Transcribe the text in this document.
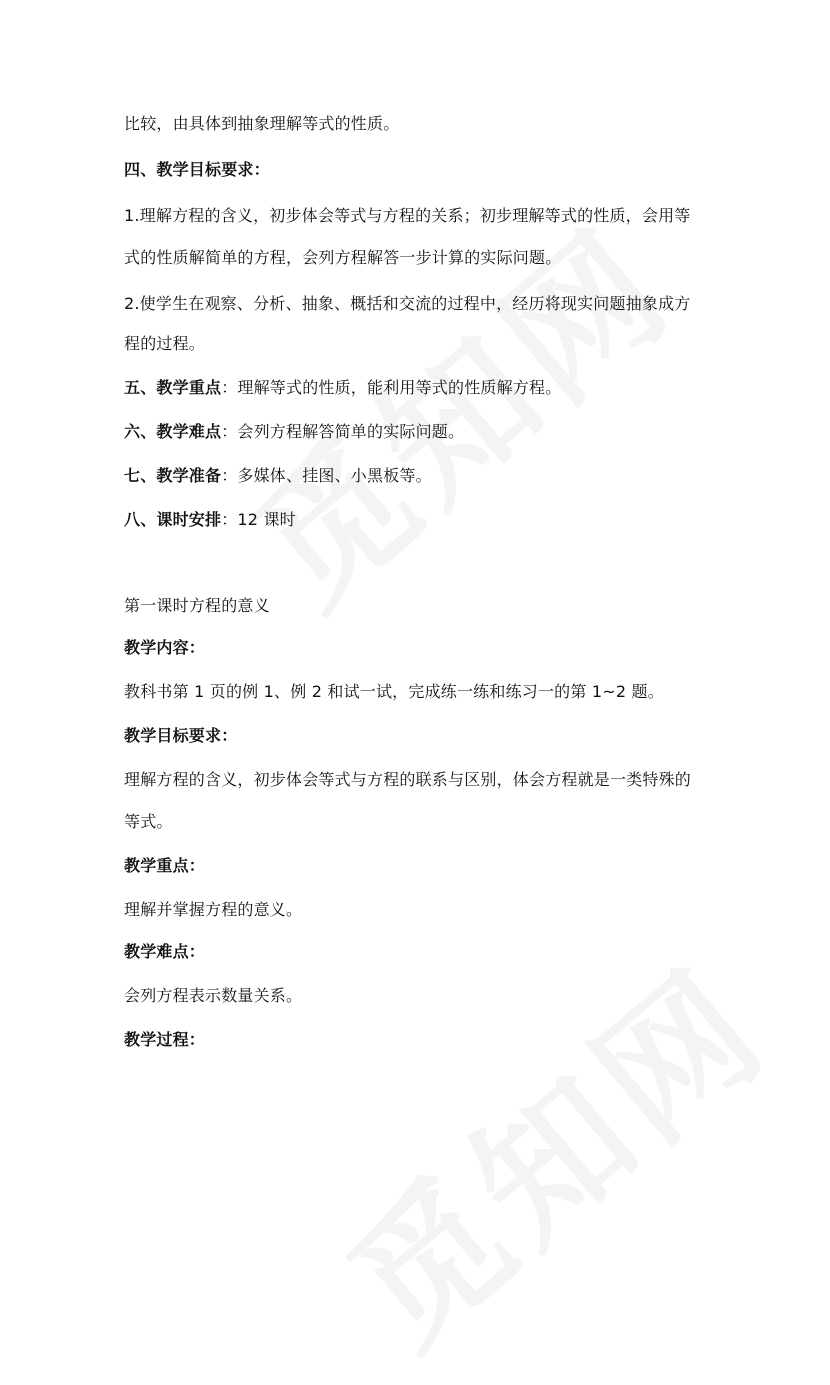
比较，由具体到抽象理解等式的性质。
四、教学目标要求：
1.理解方程的含义，初步体会等式与方程的关系；初步理解等式的性质，会用等
式的性质解简单的方程，会列方程解答一步计算的实际问题。
2.使学生在观察、分析、抽象、概括和交流的过程中，经历将现实问题抽象成方
程的过程。
五、教学重点：理解等式的性质，能利用等式的性质解方程。
六、教学难点：会列方程解答简单的实际问题。
七、教学准备：多媒体、挂图、小黑板等。
八、课时安排：12 课时
第一课时方程的意义
教学内容：
教科书第 1 页的例 1、例 2 和试一试，完成练一练和练习一的第 1~2 题。
教学目标要求：
理解方程的含义，初步体会等式与方程的联系与区别，体会方程就是一类特殊的
等式。
教学重点：
理解并掌握方程的意义。
教学难点：
会列方程表示数量关系。
教学过程：
